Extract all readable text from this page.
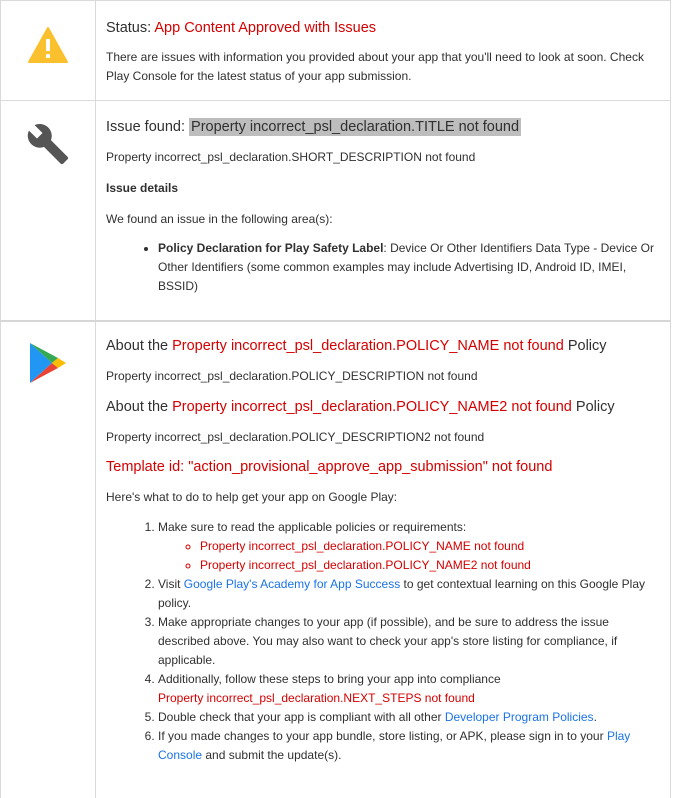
Status: App Content Approved with Issues

There are issues with information you provided about your app that you'll need to look at soon. Check Play Console for the latest status of your app submission.

Issue found: Property incorrect_psl_declaration.TITLE not found

Property incorrect_psl_declaration.SHORT_DESCRIPTION not found

Issue details

We found an issue in the following area(s):

• Policy Declaration for Play Safety Label: Device Or Other Identifiers Data Type - Device Or Other Identifiers (some common examples may include Advertising ID, Android ID, IMEI, BSSID)
About the Property incorrect_psl_declaration.POLICY_NAME not found Policy

Property incorrect_psl_declaration.POLICY_DESCRIPTION not found

About the Property incorrect_psl_declaration.POLICY_NAME2 not found Policy

Property incorrect_psl_declaration.POLICY_DESCRIPTION2 not found

Template id: "action_provisional_approve_app_submission" not found

Here's what to do to help get your app on Google Play:

1. Make sure to read the applicable policies or requirements:
◦ Property incorrect_psl_declaration.POLICY_NAME not found
◦ Property incorrect_psl_declaration.POLICY_NAME2 not found
2. Visit Google Play's Academy for App Success to get contextual learning on this Google Play policy.
3. Make appropriate changes to your app (if possible), and be sure to address the issue described above. You may also want to check your app's store listing for compliance, if applicable.
4. Additionally, follow these steps to bring your app into compliance
Property incorrect_psl_declaration.NEXT_STEPS not found
5. Double check that your app is compliant with all other Developer Program Policies.
6. If you made changes to your app bundle, store listing, or APK, please sign in to your Play Console and submit the update(s).
